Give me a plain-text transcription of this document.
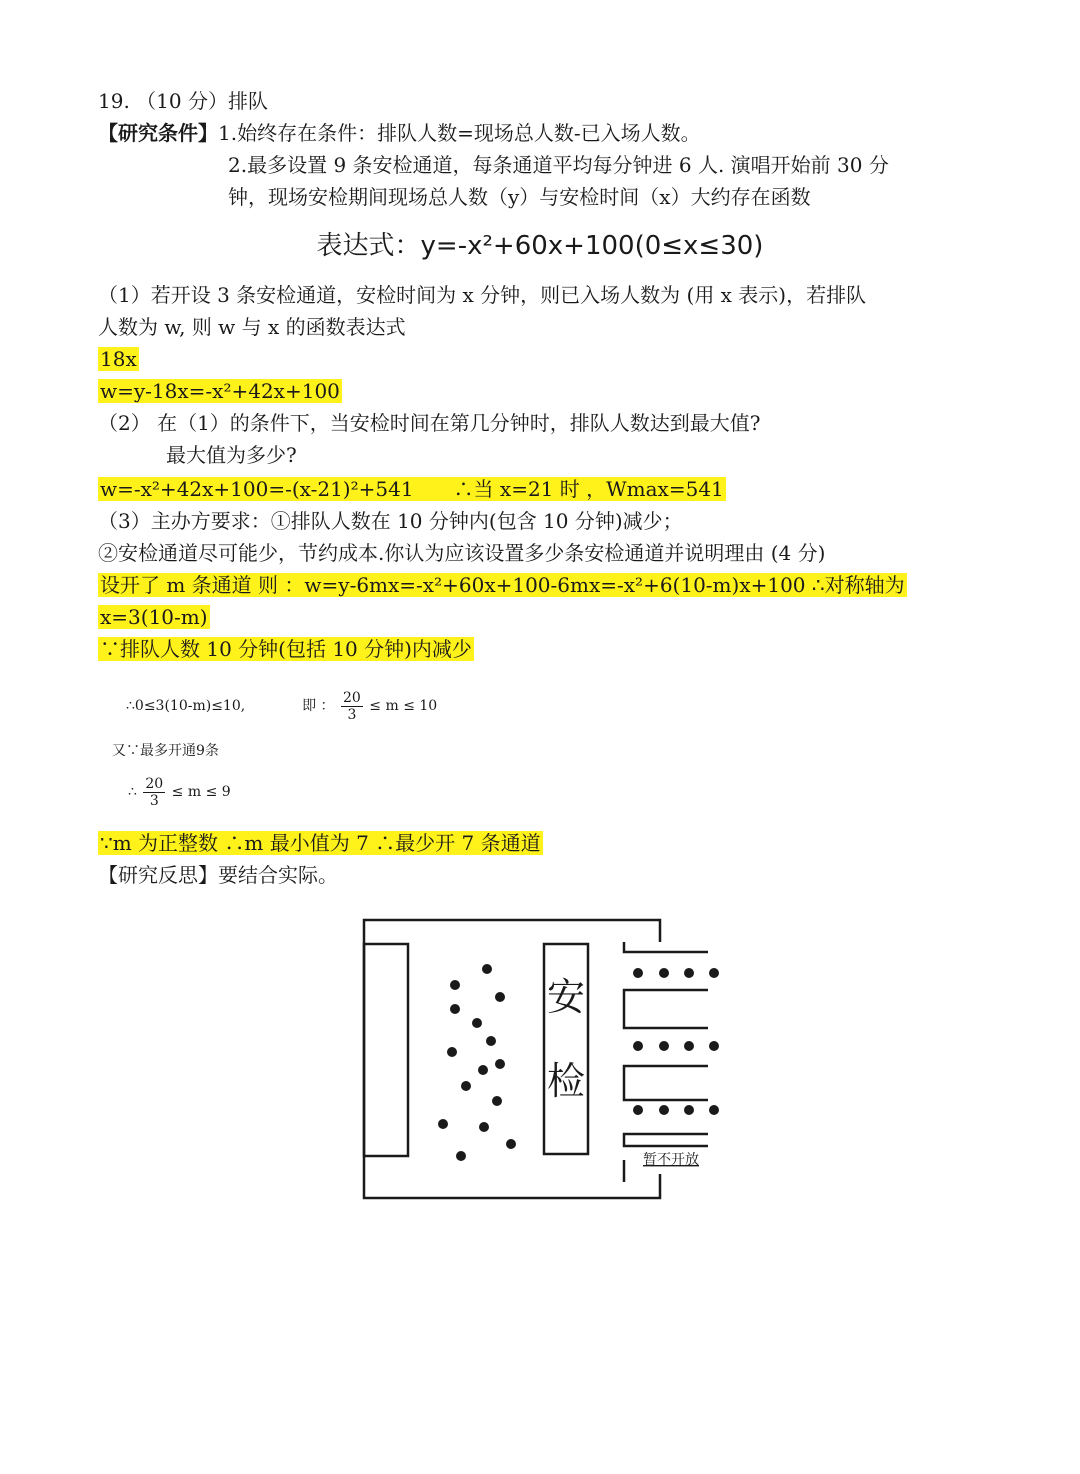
19. （10 分）排队
【研究条件】1.始终存在条件：排队人数=现场总人数-已入场人数。
2.最多设置 9 条安检通道，每条通道平均每分钟进 6 人. 演唱开始前 30 分
钟，现场安检期间现场总人数（y）与安检时间（x）大约存在函数
表达式：y=-x²+60x+100(0≤x≤30)
（1）若开设 3 条安检通道，安检时间为 x 分钟，则已入场人数为 (用 x 表示)，若排队
人数为 w, 则 w 与 x 的函数表达式
18x
w=y-18x=-x²+42x+100
（2） 在（1）的条件下，当安检时间在第几分钟时，排队人数达到最大值?
最大值为多少?
w=-x²+42x+100=-(x-21)²+541　　∴当 x=21 时 ，Wmax=541
（3）主办方要求：①排队人数在 10 分钟内(包含 10 分钟)减少；
②安检通道尽可能少，节约成本.你认为应该设置多少条安检通道并说明理由 (4 分)
设开了 m 条通道 则 ：w=y-6mx=-x²+60x+100-6mx=-x²+6(10-m)x+100 ∴对称轴为
x=3(10-m)
∵排队人数 10 分钟(包括 10 分钟)内减少
∴0≤3(10-m)≤10,	即 ： $\frac{20}{3} \le m \le 10$
又∵最多开通9条
∴ $\frac{20}{3} \le m \le 9$
∵m 为正整数 ∴m 最小值为 7 ∴最少开 7 条通道
【研究反思】要结合实际。
安
检
暂不开放
